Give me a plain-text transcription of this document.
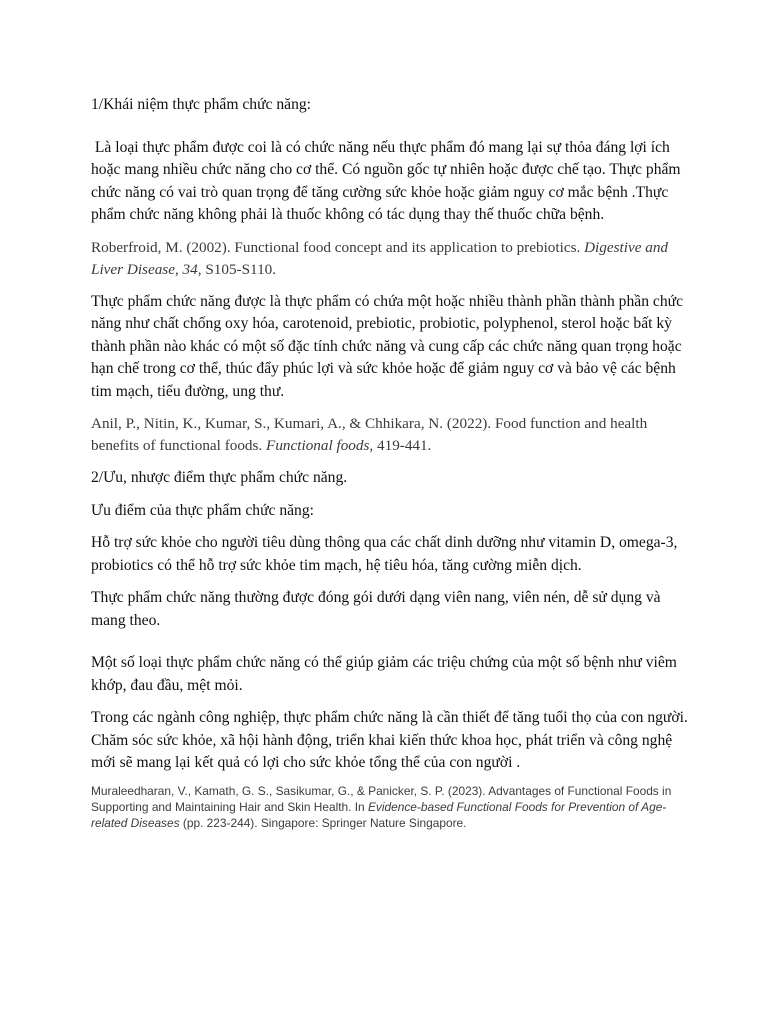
1/Khái niệm thực phẩm chức năng:

Là loại thực phẩm được coi là có chức năng nếu thực phẩm đó mang lại sự thỏa đáng lợi ích hoặc mang nhiều chức năng cho cơ thể. Có nguồn gốc tự nhiên hoặc được chế tạo. Thực phẩm chức năng có vai trò quan trọng để tăng cường sức khỏe hoặc giảm nguy cơ mắc bệnh .Thực phẩm chức năng không phải là thuốc không có tác dụng thay thế thuốc chữa bệnh.

Roberfroid, M. (2002). Functional food concept and its application to prebiotics. Digestive and Liver Disease, 34, S105-S110.

Thực phẩm chức năng được là thực phẩm có chứa một hoặc nhiều thành phần thành phần chức năng như chất chống oxy hóa, carotenoid, prebiotic, probiotic, polyphenol, sterol hoặc bất kỳ thành phần nào khác có một số đặc tính chức năng và cung cấp các chức năng quan trọng hoặc hạn chế trong cơ thể, thúc đẩy phúc lợi và sức khỏe hoặc để giảm nguy cơ và bảo vệ các bệnh tim mạch, tiểu đường, ung thư.

Anil, P., Nitin, K., Kumar, S., Kumari, A., & Chhikara, N. (2022). Food function and health benefits of functional foods. Functional foods, 419-441.

2/Ưu, nhược điểm thực phẩm chức năng.

Ưu điểm của thực phẩm chức năng:

Hỗ trợ sức khỏe cho người tiêu dùng thông qua các chất dinh dưỡng như vitamin D, omega-3, probiotics có thể hỗ trợ sức khỏe tim mạch, hệ tiêu hóa, tăng cường miễn dịch.

Thực phẩm chức năng thường được đóng gói dưới dạng viên nang, viên nén, dễ sử dụng và mang theo.

Một số loại thực phẩm chức năng có thể giúp giảm các triệu chứng của một số bệnh như viêm khớp, đau đầu, mệt mỏi.

Trong các ngành công nghiệp, thực phẩm chức năng là cần thiết để tăng tuổi thọ của con người. Chăm sóc sức khỏe, xã hội hành động, triển khai kiến thức khoa học, phát triển và công nghệ mới sẽ mang lại kết quả có lợi cho sức khỏe tổng thể của con người .

Muraleedharan, V., Kamath, G. S., Sasikumar, G., & Panicker, S. P. (2023). Advantages of Functional Foods in Supporting and Maintaining Hair and Skin Health. In Evidence-based Functional Foods for Prevention of Age-related Diseases (pp. 223-244). Singapore: Springer Nature Singapore.
